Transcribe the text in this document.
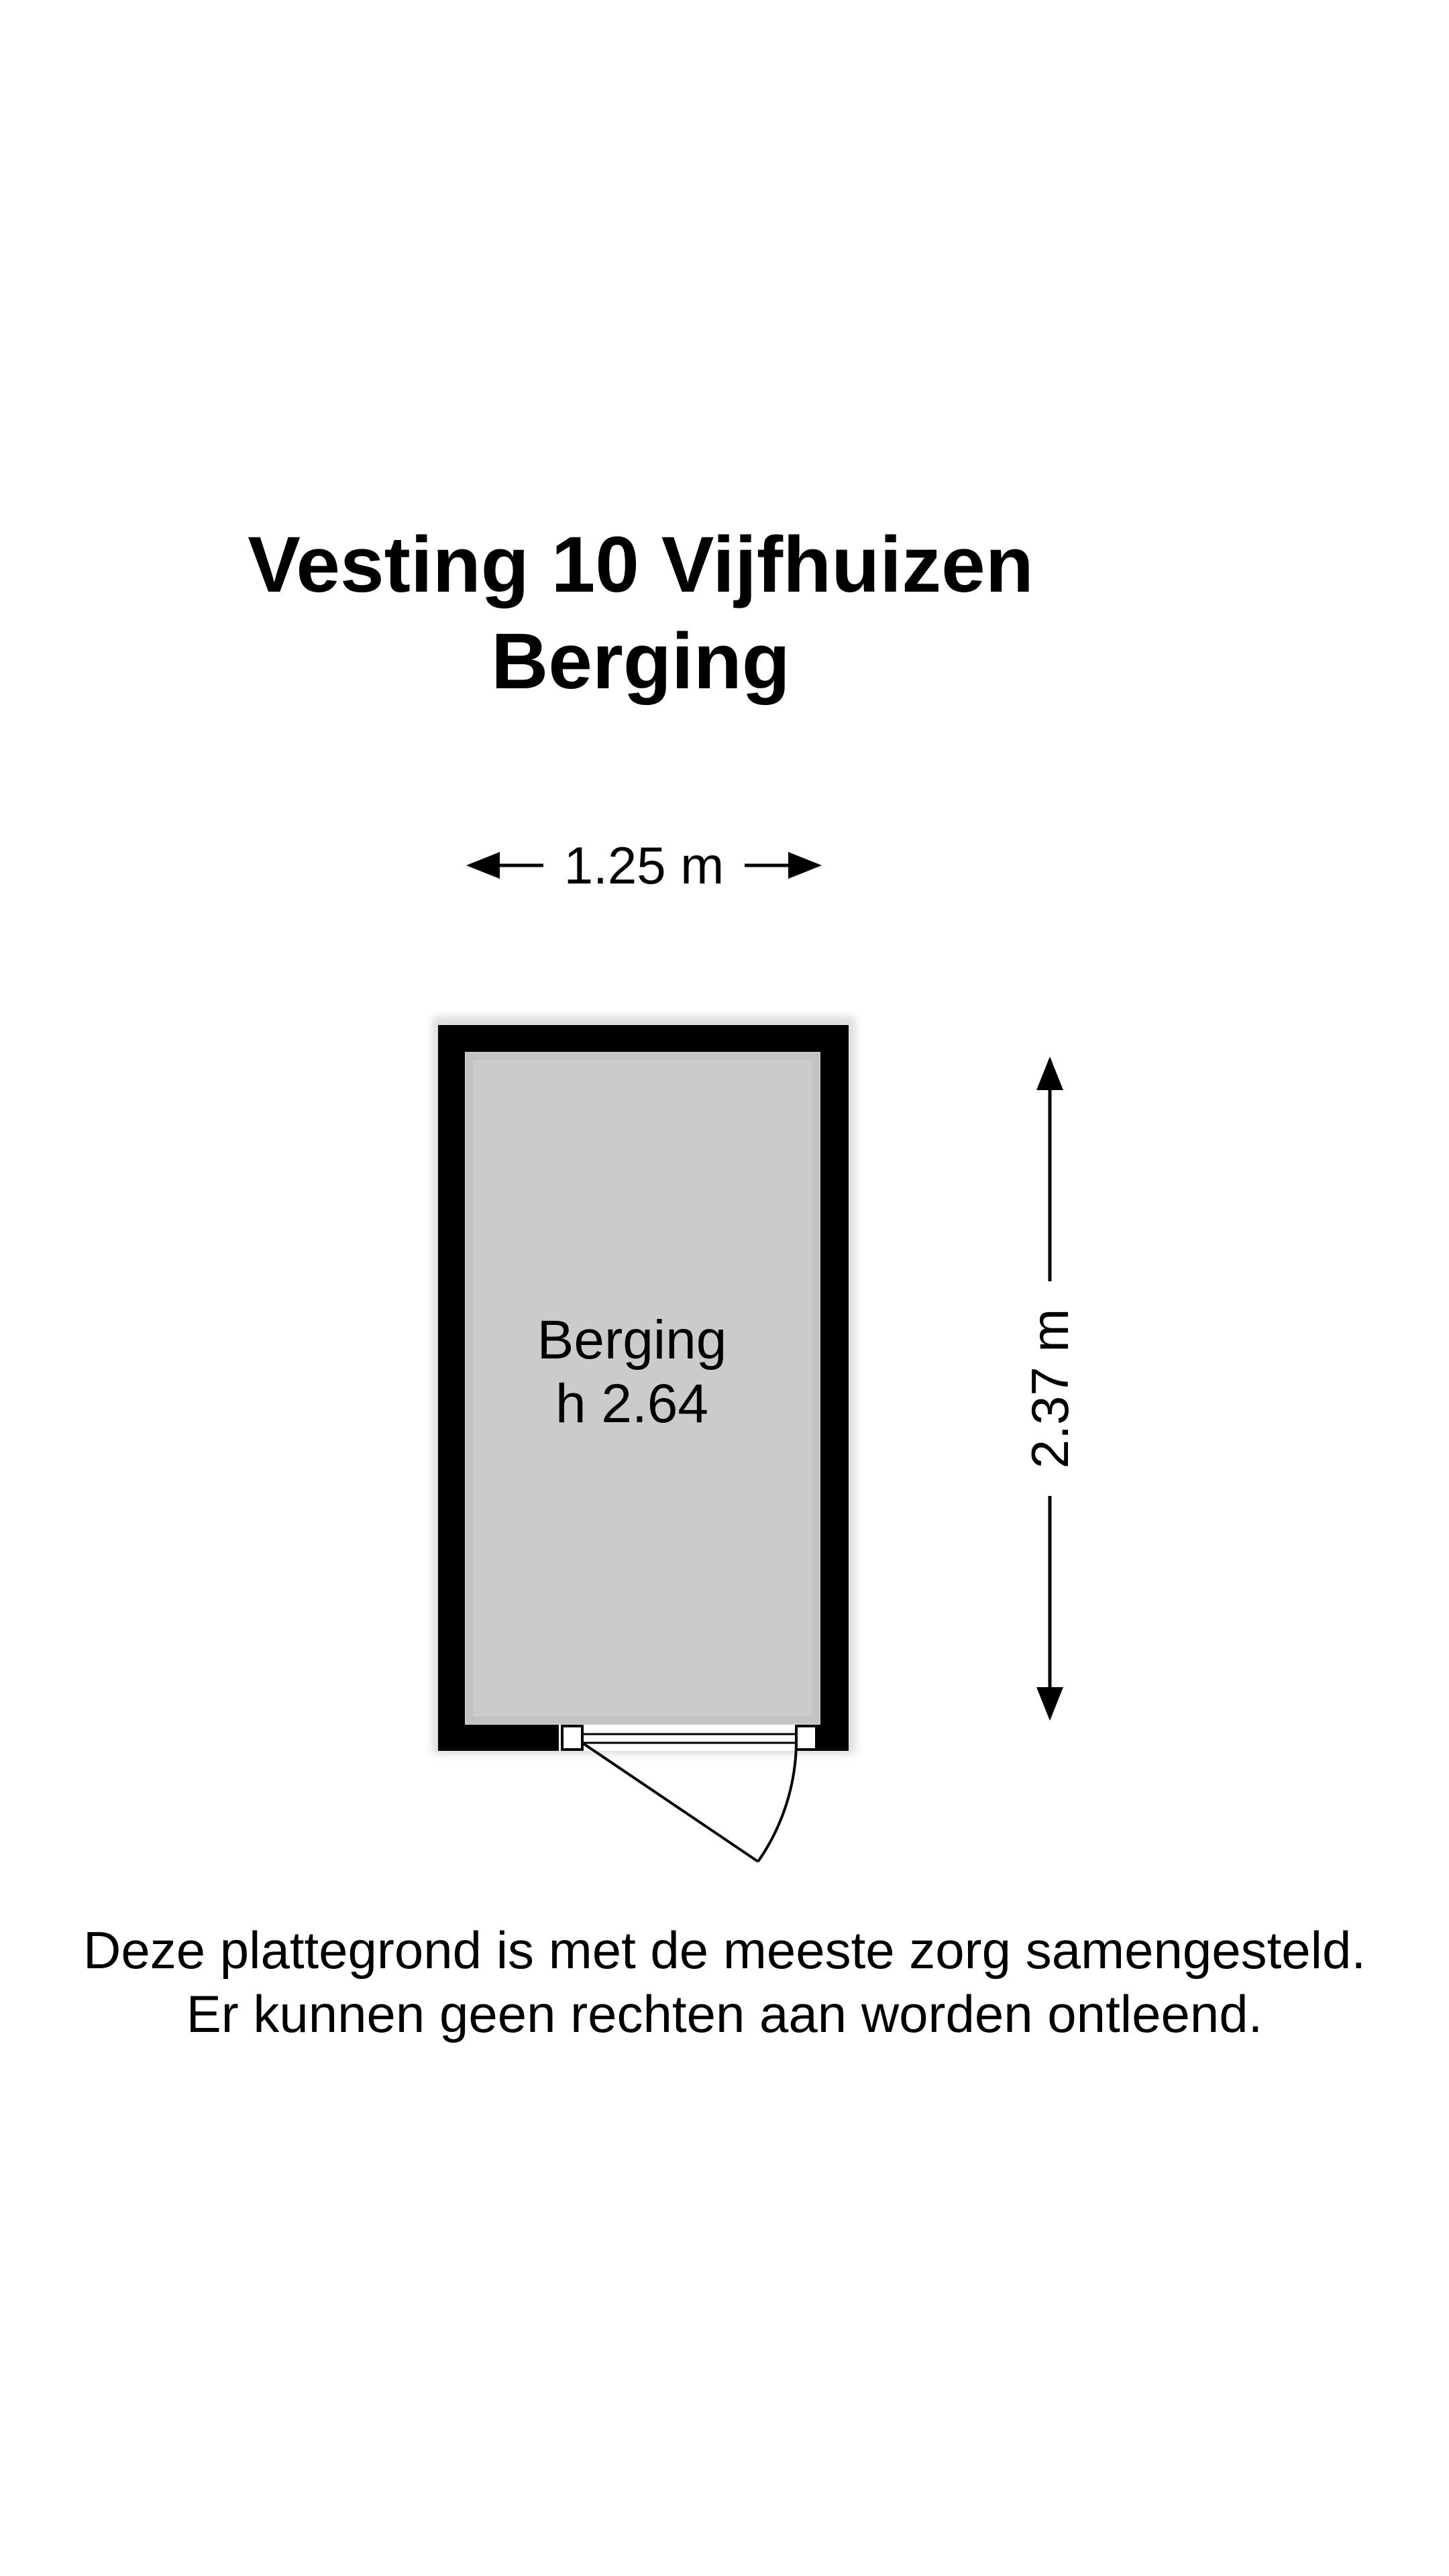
Vesting 10 Vijfhuizen
Berging
1.25 m
2.37 m
Berging
h 2.64
Deze plattegrond is met de meeste zorg samengesteld.
Er kunnen geen rechten aan worden ontleend.
